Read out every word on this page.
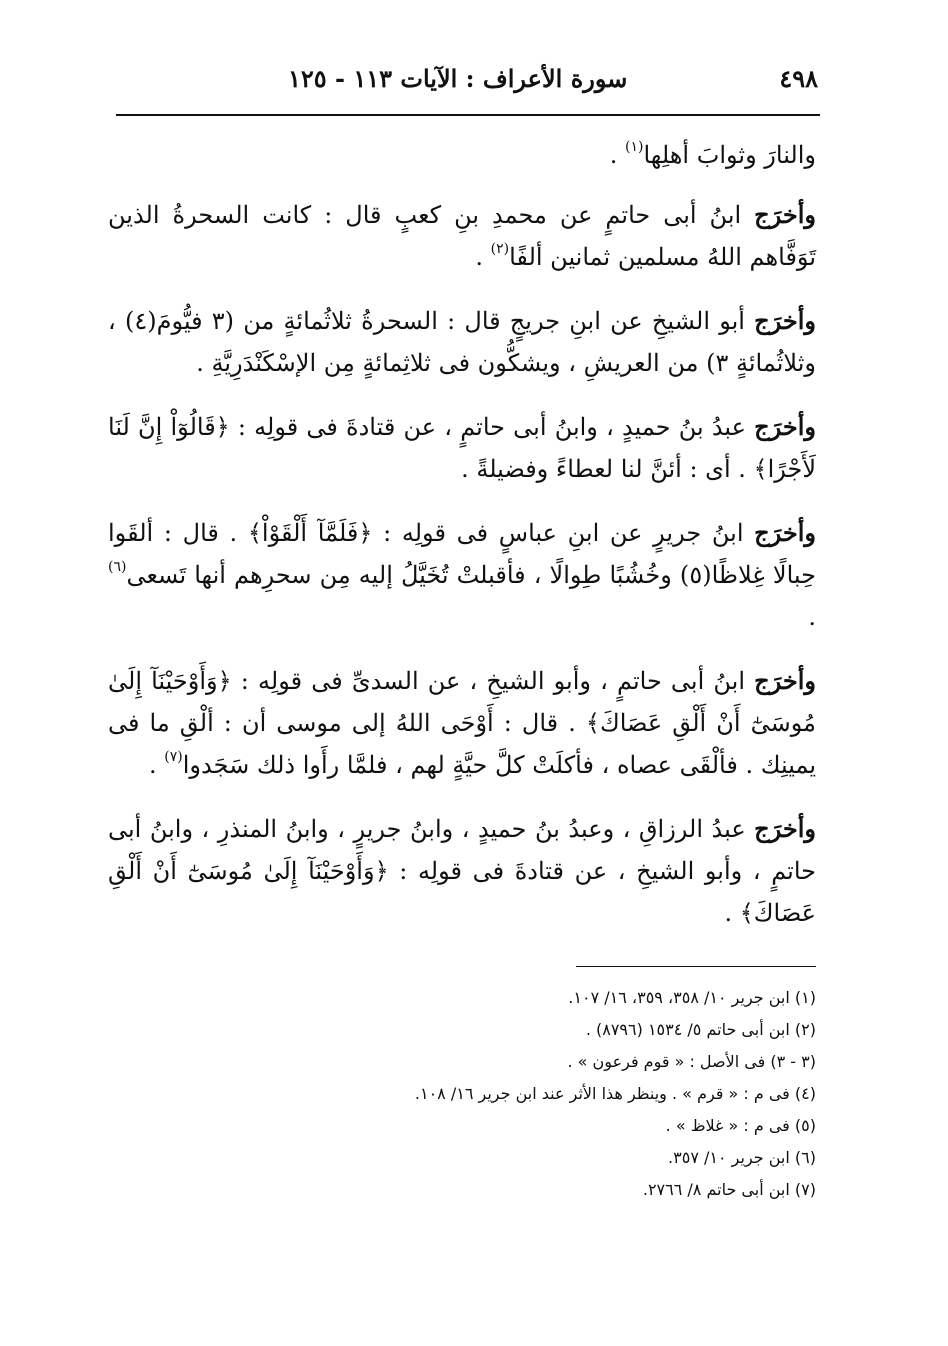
٤٩٨
سورة الأعراف : الآيات ١١٣ - ١٢٥

والنارَ وثوابَ أهلِها$^{(١)}$ .

وأخرَج ابنُ أبى حاتمٍ عن محمدِ بنِ كعبٍ قال : كانت السحرةُ الذين تَوَفَّاهم اللهُ مسلمين ثمانين ألفًا$^{(٢)}$ .

وأخرَج أبو الشيخِ عن ابنِ جريجٍ قال : السحرةُ ثلاثُمائةٍ من (٣ فيُّومَ(٤) ، وثلاثُمائةٍ ٣) من العريشِ ، ويشكُّون فى ثلاثِمائةٍ مِن الإسْكَنْدَرِيَّةِ .

وأخرَج عبدُ بنُ حميدٍ ، وابنُ أبى حاتمٍ ، عن قتادةَ فى قولِه : ﴿قَالُوٓاْ إِنَّ لَنَا لَأَجْرًا﴾ . أى : أئنَّ لنا لعطاءً وفضيلةً .

وأخرَج ابنُ جريرٍ عن ابنِ عباسٍ فى قولِه : ﴿فَلَمَّآ أَلْقَوْاْ﴾ . قال : ألقَوا حِبالًا غِلاظًا(٥) وخُشُبًا طِوالًا ، فأقبلتْ تُخَيَّلُ إليه مِن سحرِهم أنها تَسعى$^{(٦)}$ .

وأخرَج ابنُ أبى حاتمٍ ، وأبو الشيخِ ، عن السدىِّ فى قولِه : ﴿وَأَوْحَيْنَآ إِلَىٰ مُوسَىٰٓ أَنْ أَلْقِ عَصَاكَ﴾ . قال : أَوْحَى اللهُ إلى موسى أن : ألْقِ ما فى يمينِك . فألْقَى عصاه ، فأكلَتْ كلَّ حيَّةٍ لهم ، فلمَّا رأَوا ذلك سَجَدوا$^{(٧)}$ .

وأخرَج عبدُ الرزاقِ ، وعبدُ بنُ حميدٍ ، وابنُ جريرٍ ، وابنُ المنذرِ ، وابنُ أبى حاتمٍ ، وأبو الشيخِ ، عن قتادةَ فى قولِه : ﴿وَأَوْحَيْنَآ إِلَىٰ مُوسَىٰٓ أَنْ أَلْقِ عَصَاكَ﴾ .

(١) ابن جرير ١٠/ ٣٥٨، ٣٥٩، ١٦/ ١٠٧.
(٢) ابن أبى حاتم ٥/ ١٥٣٤ (٨٧٩٦) .
(٣ - ٣) فى الأصل : « قوم فرعون » .
(٤) فى م : « قرم » . وينظر هذا الأثر عند ابن جرير ١٦/ ١٠٨.
(٥) فى م : « غلاظ » .
(٦) ابن جرير ١٠/ ٣٥٧.
(٧) ابن أبى حاتم ٨/ ٢٧٦٦.
